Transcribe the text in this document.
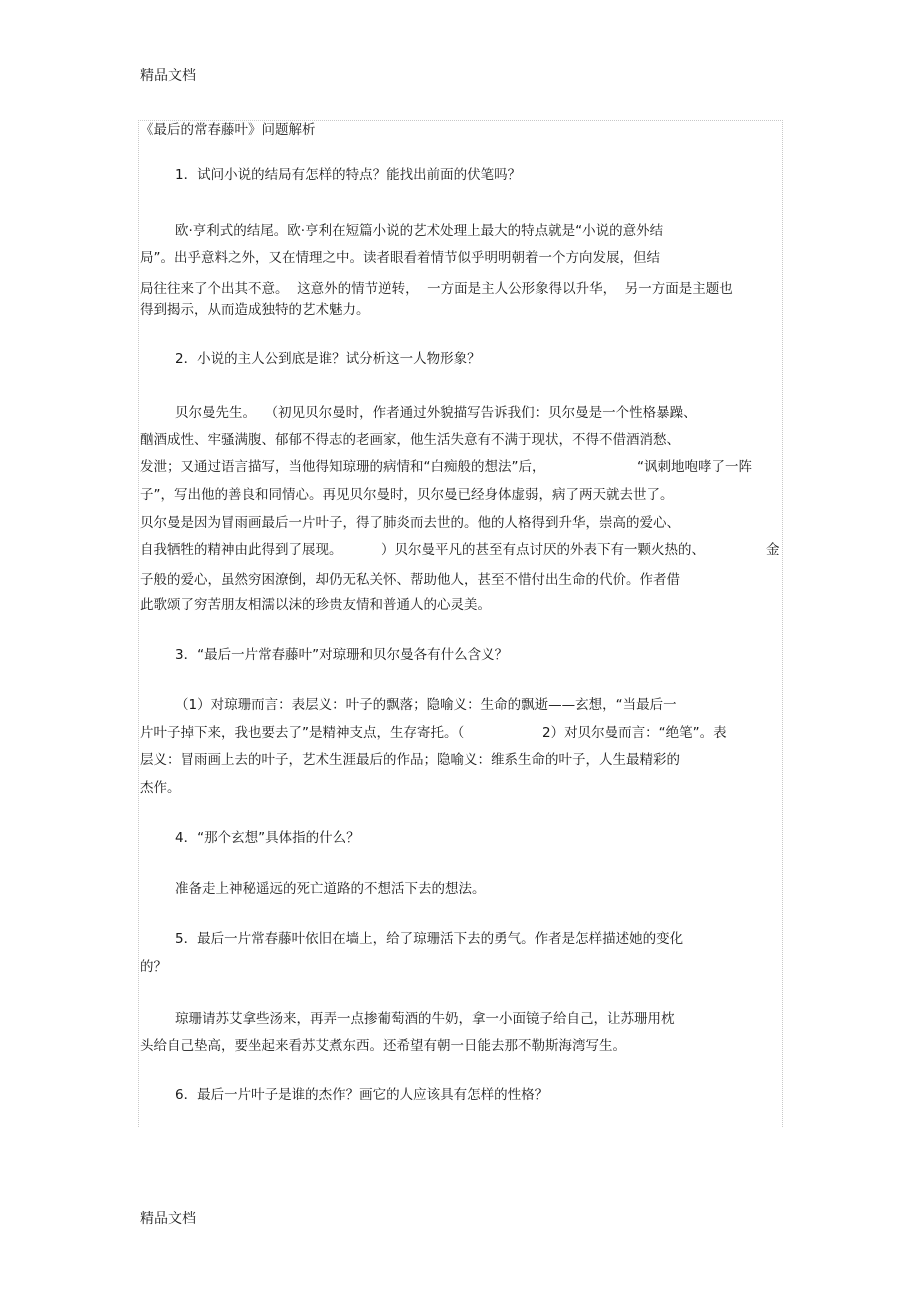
精品文档
《最后的常春藤叶》问题解析
1．试问小说的结局有怎样的特点？能找出前面的伏笔吗？
欧·亨利式的结尾。欧·亨利在短篇小说的艺术处理上最大的特点就是“小说的意外结
局”。出乎意料之外，又在情理之中。读者眼看着情节似乎明明朝着一个方向发展，但结
局往往来了个出其不意。  这意外的情节逆转，  一方面是主人公形象得以升华，  另一方面是主题也
得到揭示，从而造成独特的艺术魅力。
2．小说的主人公到底是谁？试分析这一人物形象？
贝尔曼先生。  （初见贝尔曼时，作者通过外貌描写告诉我们：贝尔曼是一个性格暴躁、
酗酒成性、牢骚满腹、郁郁不得志的老画家，他生活失意有不满于现状，不得不借酒消愁、
发泄；又通过语言描写，当他得知琼珊的病情和“白痴般的想法”后，	“讽刺地咆哮了一阵
子”，写出他的善良和同情心。再见贝尔曼时，贝尔曼已经身体虚弱，病了两天就去世了。
贝尔曼是因为冒雨画最后一片叶子，得了肺炎而去世的。他的人格得到升华，崇高的爱心、
自我牺牲的精神由此得到了展现。	）贝尔曼平凡的甚至有点讨厌的外表下有一颗火热的、	金
子般的爱心，虽然穷困潦倒，却仍无私关怀、帮助他人，甚至不惜付出生命的代价。作者借
此歌颂了穷苦朋友相濡以沫的珍贵友情和普通人的心灵美。
3．“最后一片常春藤叶”对琼珊和贝尔曼各有什么含义？
（1）对琼珊而言：表层义：叶子的飘落；隐喻义：生命的飘逝——玄想，“当最后一
片叶子掉下来，我也要去了”是精神支点，生存寄托。（	2）对贝尔曼而言：“绝笔”。表
层义：冒雨画上去的叶子，艺术生涯最后的作品；隐喻义：维系生命的叶子，人生最精彩的
杰作。
4．“那个玄想”具体指的什么？
准备走上神秘遥远的死亡道路的不想活下去的想法。
5．最后一片常春藤叶依旧在墙上，给了琼珊活下去的勇气。作者是怎样描述她的变化
的？
琼珊请苏艾拿些汤来，再弄一点掺葡萄酒的牛奶，拿一小面镜子给自己，让苏珊用枕
头给自己垫高，要坐起来看苏艾煮东西。还希望有朝一日能去那不勒斯海湾写生。
6．最后一片叶子是谁的杰作？画它的人应该具有怎样的性格？
精品文档
